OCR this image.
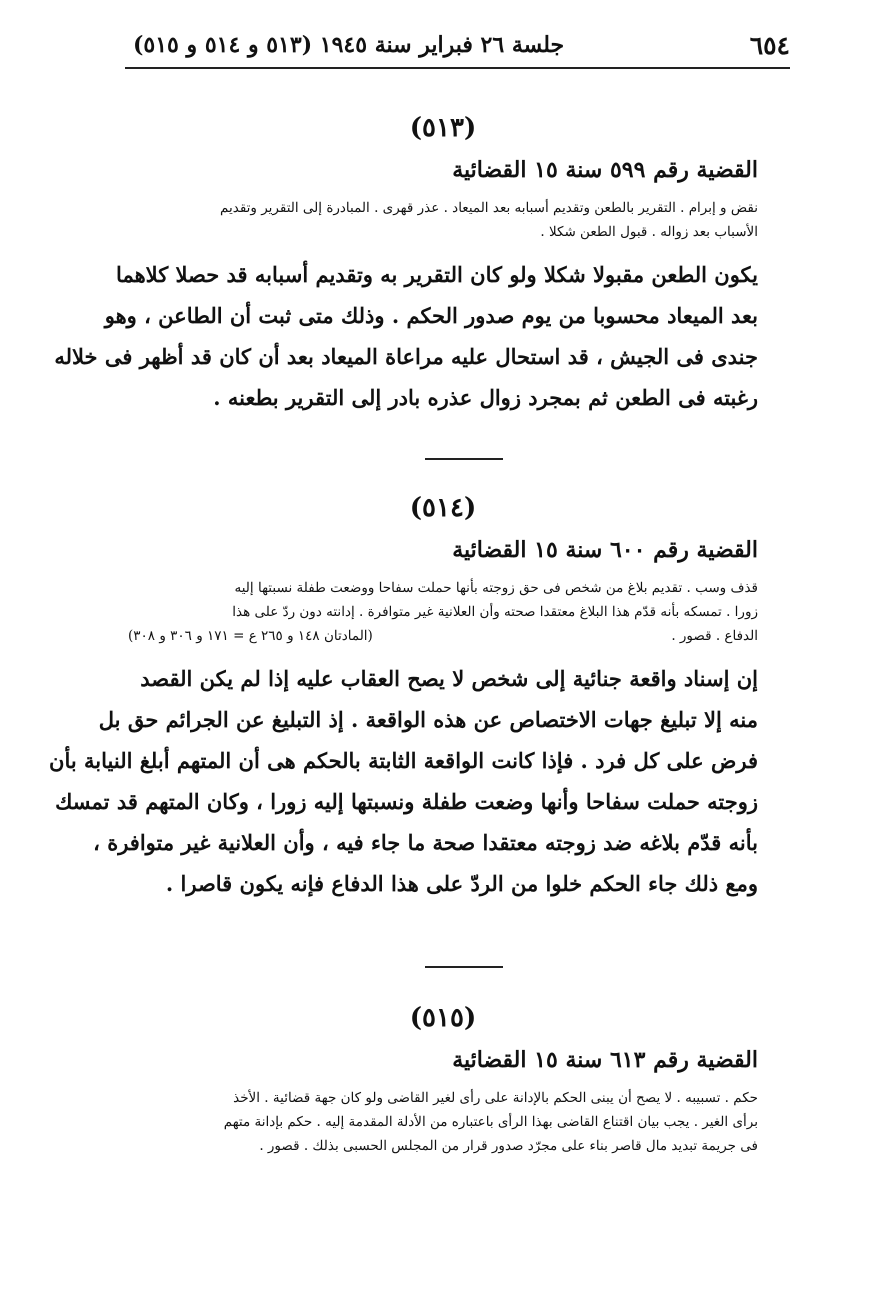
٦٥٤
جلسة ٢٦ فبراير سنة ١٩٤٥ (٥١٣ و ٥١٤ و ٥١٥)
(٥١٣)
القضية رقم ٥٩٩ سنة ١٥ القضائية
نقض و إبرام . التقرير بالطعن وتقديم أسبابه بعد الميعاد . عذر قهرى . المبادرة إلى التقرير وتقديم
الأسباب بعد زواله . قبول الطعن شكلا .
يكون الطعن مقبولا شكلا ولو كان التقرير به وتقديم أسبابه قد حصلا كلاهما
بعد الميعاد محسوبا من يوم صدور الحكم . وذلك متى ثبت أن الطاعن ، وهو
جندى فى الجيش ، قد استحال عليه مراعاة الميعاد بعد أن كان قد أظهر فى خلاله
رغبته فى الطعن ثم بمجرد زوال عذره بادر إلى التقرير بطعنه .
(٥١٤)
القضية رقم ٦٠٠ سنة ١٥ القضائية
قذف وسب . تقديم بلاغ من شخص فى حق زوجته بأنها حملت سفاحا ووضعت طفلة نسبتها إليه
زورا . تمسكه بأنه قدّم هذا البلاغ معتقدا صحته وأن العلانية غير متوافرة . إدانته دون ردّ على هذا
الدفاع . قصور .
(المادتان ١٤٨ و ٢٦٥ ع = ١٧١ و ٣٠٦ و ٣٠٨)
إن إسناد واقعة جنائية إلى شخص لا يصح العقاب عليه إذا لم يكن القصد
منه إلا تبليغ جهات الاختصاص عن هذه الواقعة . إذ التبليغ عن الجرائم حق بل
فرض على كل فرد . فإذا كانت الواقعة الثابتة بالحكم هى أن المتهم أبلغ النيابة بأن
زوجته حملت سفاحا وأنها وضعت طفلة ونسبتها إليه زورا ، وكان المتهم قد تمسك
بأنه قدّم بلاغه ضد زوجته معتقدا صحة ما جاء فيه ، وأن العلانية غير متوافرة ،
ومع ذلك جاء الحكم خلوا من الردّ على هذا الدفاع فإنه يكون قاصرا .
(٥١٥)
القضية رقم ٦١٣ سنة ١٥ القضائية
حكم . تسبيبه . لا يصح أن يبنى الحكم بالإدانة على رأى لغير القاضى ولو كان جهة قضائية . الأخذ
برأى الغير . يجب بيان اقتناع القاضى بهذا الرأى باعتباره من الأدلة المقدمة إليه . حكم بإدانة متهم
فى جريمة تبديد مال قاصر بناء على مجرّد صدور قرار من المجلس الحسبى بذلك . قصور .
